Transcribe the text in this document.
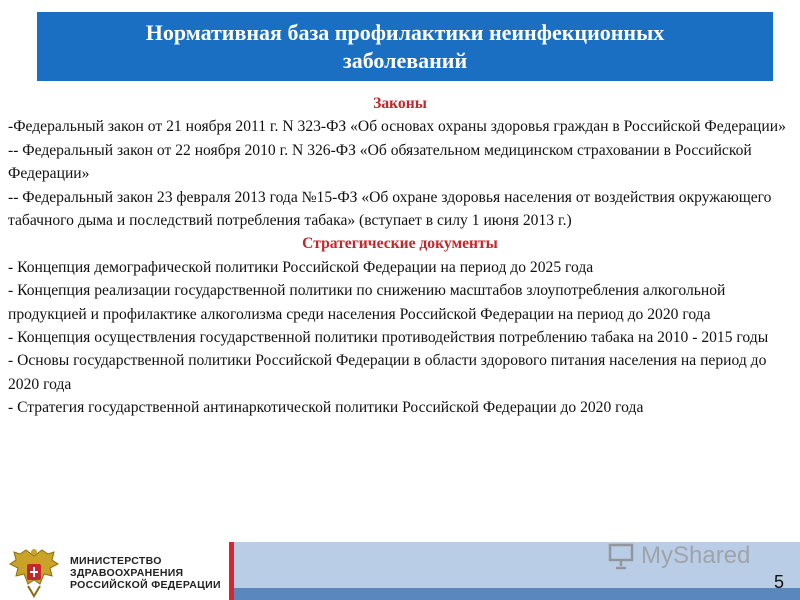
Нормативная база профилактики неинфекционных заболеваний
Законы

-Федеральный закон от 21 ноября 2011 г. N 323-ФЗ «Об основах охраны здоровья граждан в Российской Федерации»

-- Федеральный закон от 22 ноября 2010 г. N 326-ФЗ «Об обязательном медицинском страховании в Российской Федерации»

-- Федеральный закон 23 февраля 2013 года №15-ФЗ «Об охране здоровья населения от воздействия окружающего табачного дыма и последствий потребления табака» (вступает в силу 1 июня 2013 г.)

Стратегические документы

- Концепция демографической политики Российской Федерации на период до 2025 года

- Концепция реализации государственной политики по снижению масштабов злоупотребления алкогольной продукцией и профилактике алкоголизма среди населения Российской Федерации на период до 2020 года

- Концепция осуществления государственной политики противодействия потреблению табака на 2010 - 2015 годы

- Основы государственной политики Российской Федерации в области здорового питания населения на период до 2020 года

- Стратегия государственной антинаркотической политики Российской Федерации до 2020 года

МИНИСТЕРСТВО
ЗДРАВООХРАНЕНИЯ
РОССИЙСКОЙ ФЕДЕРАЦИИ
MyShared
5
